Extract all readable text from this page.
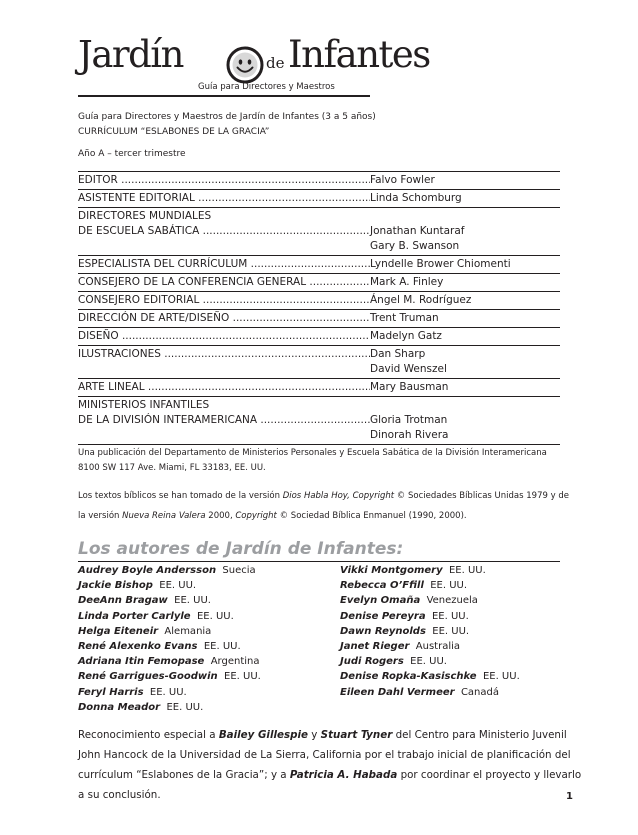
Jardín	de Infantes
Guía para Directores y Maestros
Guía para Directores y Maestros de Jardín de Infantes (3 a 5 años)
CURRÍCULUM “ESLABONES DE LA GRACIA”
Año A – tercer trimestre
EDITOR .....	Falvo Fowler
ASISTENTE EDITORIAL .....	Linda Schomburg
DIRECTORES MUNDIALES
DE ESCUELA SABÁTICA .....	Jonathan Kuntaraf
Gary B. Swanson
ESPECIALISTA DEL CURRÍCULUM .....	Lyndelle Brower Chiomenti
CONSEJERO DE LA CONFERENCIA GENERAL .....	Mark A. Finley
CONSEJERO EDITORIAL .....	Ángel M. Rodríguez
DIRECCIÓN DE ARTE/DISEÑO .....	Trent Truman
DISEÑO .....	Madelyn Gatz
ILUSTRACIONES .....	Dan Sharp
David Wenszel
ARTE LINEAL .....	Mary Bausman
MINISTERIOS INFANTILES
DE LA DIVISIÓN INTERAMERICANA .....	Gloria Trotman
Dinorah Rivera
Una publicación del Departamento de Ministerios Personales y Escuela Sabática de la División Interamericana
8100 SW 117 Ave. Miami, FL 33183, EE. UU.
Los textos bíblicos se han tomado de la versión Dios Habla Hoy, Copyright © Sociedades Bíblicas Unidas 1979 y de la versión Nueva Reina Valera 2000, Copyright © Sociedad Bíblica Enmanuel (1990, 2000).
Los autores de Jardín de Infantes:
Audrey Boyle Andersson Suecia
Jackie Bishop EE. UU.
DeeAnn Bragaw EE. UU.
Linda Porter Carlyle EE. UU.
Helga Eiteneir Alemania
René Alexenko Evans EE. UU.
Adriana Itin Femopase Argentina
René Garrigues-Goodwin EE. UU.
Feryl Harris EE. UU.
Donna Meador EE. UU.
Vikki Montgomery EE. UU.
Rebecca O’Ffill EE. UU.
Evelyn Omaña Venezuela
Denise Pereyra EE. UU.
Dawn Reynolds EE. UU.
Janet Rieger Australia
Judi Rogers EE. UU.
Denise Ropka-Kasischke EE. UU.
Eileen Dahl Vermeer Canadá
Reconocimiento especial a Bailey Gillespie y Stuart Tyner del Centro para Ministerio Juvenil John Hancock de la Universidad de La Sierra, California por el trabajo inicial de planificación del currículum “Eslabones de la Gracia”; y a Patricia A. Habada por coordinar el proyecto y llevarlo a su conclusión.	1
